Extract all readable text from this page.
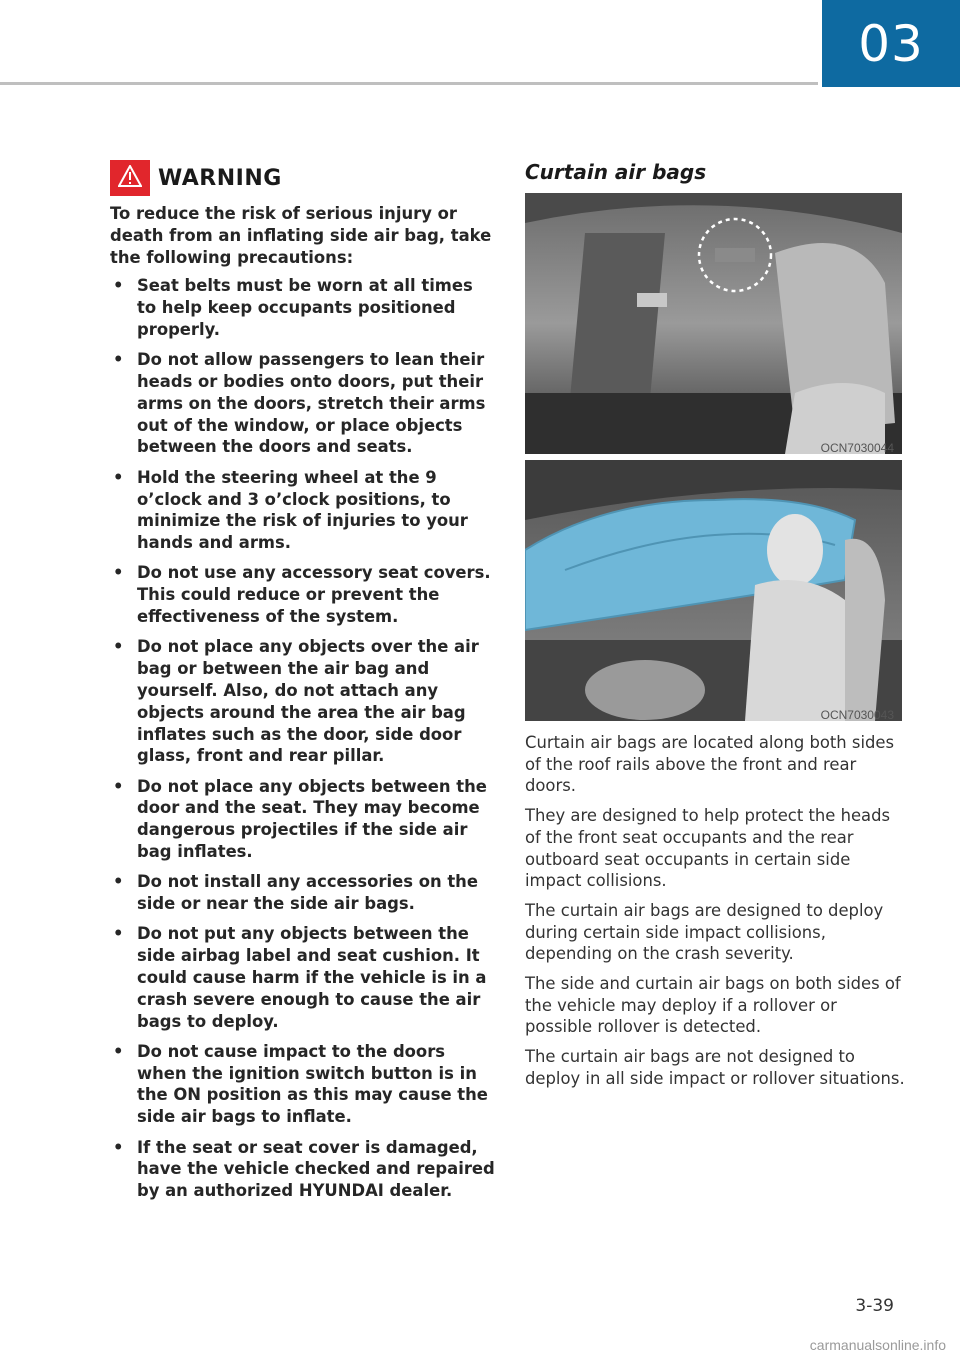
03
WARNING

To reduce the risk of serious injury or death from an inflating side air bag, take the following precautions:

• Seat belts must be worn at all times to help keep occupants positioned properly.
• Do not allow passengers to lean their heads or bodies onto doors, put their arms on the doors, stretch their arms out of the window, or place objects between the doors and seats.
• Hold the steering wheel at the 9 o’clock and 3 o’clock positions, to minimize the risk of injuries to your hands and arms.
• Do not use any accessory seat covers. This could reduce or prevent the effectiveness of the system.
• Do not place any objects over the air bag or between the air bag and yourself. Also, do not attach any objects around the area the air bag inflates such as the door, side door glass, front and rear pillar.
• Do not place any objects between the door and the seat. They may become dangerous projectiles if the side air bag inflates.
• Do not install any accessories on the side or near the side air bags.
• Do not put any objects between the side airbag label and seat cushion. It could cause harm if the vehicle is in a crash severe enough to cause the air bags to deploy.
• Do not cause impact to the doors when the ignition switch button is in the ON position as this may cause the side air bags to inflate.
• If the seat or seat cover is damaged, have the vehicle checked and repaired by an authorized HYUNDAI dealer.
Curtain air bags
OCN7030044
OCN7030043

Curtain air bags are located along both sides of the roof rails above the front and rear doors.

They are designed to help protect the heads of the front seat occupants and the rear outboard seat occupants in certain side impact collisions.

The curtain air bags are designed to deploy during certain side impact collisions, depending on the crash severity.

The side and curtain air bags on both sides of the vehicle may deploy if a rollover or possible rollover is detected.

The curtain air bags are not designed to deploy in all side impact or rollover situations.

3-39
carmanualsonline.info
